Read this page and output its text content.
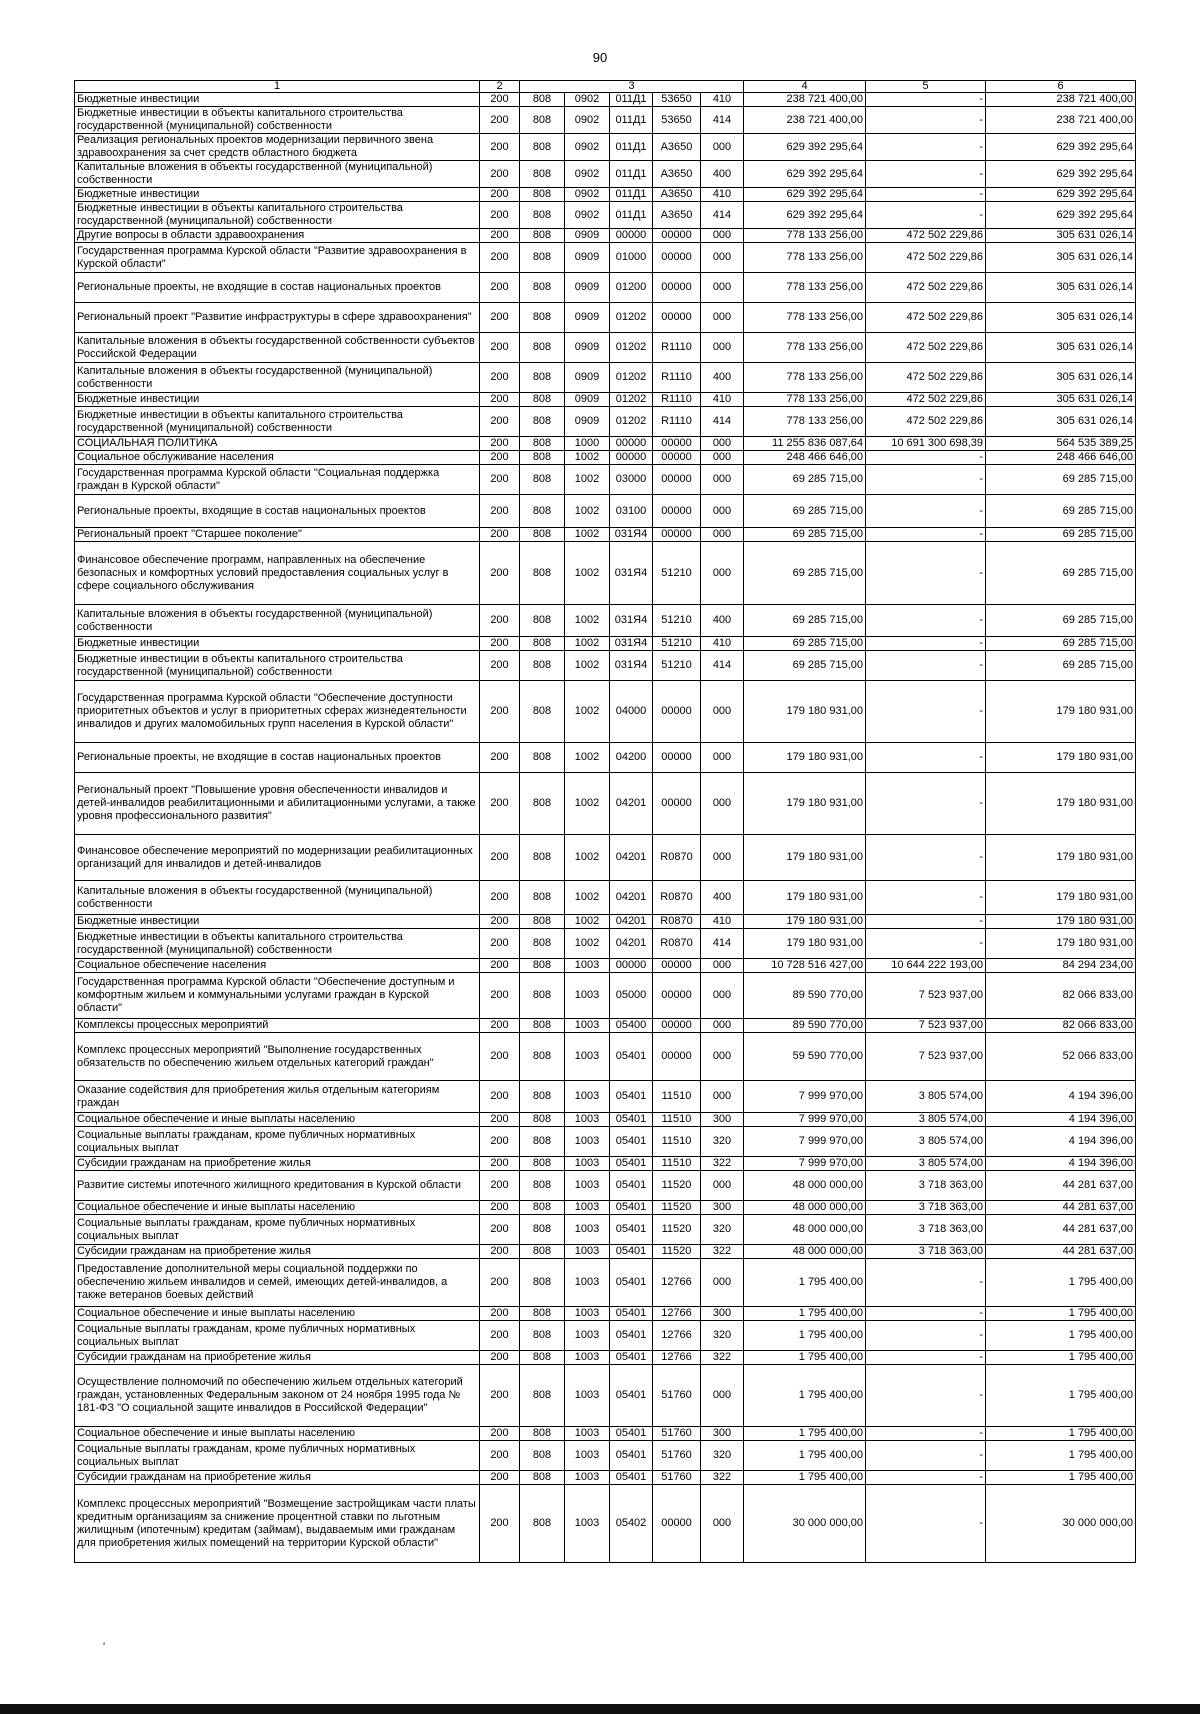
90
1	2	3					4	5	6
Бюджетные инвестиции	200	808	0902	011Д1	53650	410	238 721 400,00	-	238 721 400,00
Бюджетные инвестиции в объекты капитального строительства государственной (муниципальной) собственности	200	808	0902	011Д1	53650	414	238 721 400,00	-	238 721 400,00
Реализация региональных проектов модернизации первичного звена здравоохранения за счет средств областного бюджета	200	808	0902	011Д1	А3650	000	629 392 295,64	-	629 392 295,64
Капитальные вложения в объекты государственной (муниципальной) собственности	200	808	0902	011Д1	А3650	400	629 392 295,64	-	629 392 295,64
Бюджетные инвестиции	200	808	0902	011Д1	А3650	410	629 392 295,64	-	629 392 295,64
Бюджетные инвестиции в объекты капитального строительства государственной (муниципальной) собственности	200	808	0902	011Д1	А3650	414	629 392 295,64	-	629 392 295,64
Другие вопросы в области здравоохранения	200	808	0909	00000	00000	000	778 133 256,00	472 502 229,86	305 631 026,14
Государственная программа Курской области "Развитие здравоохранения в Курской области"	200	808	0909	01000	00000	000	778 133 256,00	472 502 229,86	305 631 026,14
Региональные проекты, не входящие в состав национальных проектов	200	808	0909	01200	00000	000	778 133 256,00	472 502 229,86	305 631 026,14
Региональный проект "Развитие инфраструктуры в сфере здравоохранения"	200	808	0909	01202	00000	000	778 133 256,00	472 502 229,86	305 631 026,14
Капитальные вложения в объекты государственной собственности субъектов Российской Федерации	200	808	0909	01202	R1110	000	778 133 256,00	472 502 229,86	305 631 026,14
Капитальные вложения в объекты государственной (муниципальной) собственности	200	808	0909	01202	R1110	400	778 133 256,00	472 502 229,86	305 631 026,14
Бюджетные инвестиции	200	808	0909	01202	R1110	410	778 133 256,00	472 502 229,86	305 631 026,14
Бюджетные инвестиции в объекты капитального строительства государственной (муниципальной) собственности	200	808	0909	01202	R1110	414	778 133 256,00	472 502 229,86	305 631 026,14
СОЦИАЛЬНАЯ ПОЛИТИКА	200	808	1000	00000	00000	000	11 255 836 087,64	10 691 300 698,39	564 535 389,25
Социальное обслуживание населения	200	808	1002	00000	00000	000	248 466 646,00	-	248 466 646,00
Государственная программа Курской области "Социальная поддержка граждан в Курской области"	200	808	1002	03000	00000	000	69 285 715,00	-	69 285 715,00
Региональные проекты, входящие в состав национальных проектов	200	808	1002	03100	00000	000	69 285 715,00	-	69 285 715,00
Региональный проект "Старшее поколение"	200	808	1002	031Я4	00000	000	69 285 715,00	-	69 285 715,00
Финансовое обеспечение программ, направленных на обеспечение безопасных и комфортных условий предоставления социальных услуг в сфере социального обслуживания	200	808	1002	031Я4	51210	000	69 285 715,00	-	69 285 715,00
Капитальные вложения в объекты государственной (муниципальной) собственности	200	808	1002	031Я4	51210	400	69 285 715,00	-	69 285 715,00
Бюджетные инвестиции	200	808	1002	031Я4	51210	410	69 285 715,00	-	69 285 715,00
Бюджетные инвестиции в объекты капитального строительства государственной (муниципальной) собственности	200	808	1002	031Я4	51210	414	69 285 715,00	-	69 285 715,00
Государственная программа Курской области "Обеспечение доступности приоритетных объектов и услуг в приоритетных сферах жизнедеятельности инвалидов и других маломобильных групп населения в Курской области"	200	808	1002	04000	00000	000	179 180 931,00	-	179 180 931,00
Региональные проекты, не входящие в состав национальных проектов	200	808	1002	04200	00000	000	179 180 931,00	-	179 180 931,00
Региональный проект "Повышение уровня обеспеченности инвалидов и детей-инвалидов реабилитационными и абилитационными услугами, а также уровня профессионального развития"	200	808	1002	04201	00000	000	179 180 931,00	-	179 180 931,00
Финансовое обеспечение мероприятий по модернизации реабилитационных организаций для инвалидов и детей-инвалидов	200	808	1002	04201	R0870	000	179 180 931,00	-	179 180 931,00
Капитальные вложения в объекты государственной (муниципальной) собственности	200	808	1002	04201	R0870	400	179 180 931,00	-	179 180 931,00
Бюджетные инвестиции	200	808	1002	04201	R0870	410	179 180 931,00	-	179 180 931,00
Бюджетные инвестиции в объекты капитального строительства государственной (муниципальной) собственности	200	808	1002	04201	R0870	414	179 180 931,00	-	179 180 931,00
Социальное обеспечение населения	200	808	1003	00000	00000	000	10 728 516 427,00	10 644 222 193,00	84 294 234,00
Государственная программа Курской области "Обеспечение доступным и комфортным жильем и коммунальными услугами граждан в Курской области"	200	808	1003	05000	00000	000	89 590 770,00	7 523 937,00	82 066 833,00
Комплексы процессных мероприятий	200	808	1003	05400	00000	000	89 590 770,00	7 523 937,00	82 066 833,00
Комплекс процессных мероприятий "Выполнение государственных обязательств по обеспечению жильем отдельных категорий граждан"	200	808	1003	05401	00000	000	59 590 770,00	7 523 937,00	52 066 833,00
Оказание содействия для приобретения жилья отдельным категориям граждан	200	808	1003	05401	11510	000	7 999 970,00	3 805 574,00	4 194 396,00
Социальное обеспечение и иные выплаты населению	200	808	1003	05401	11510	300	7 999 970,00	3 805 574,00	4 194 396,00
Социальные выплаты гражданам, кроме публичных нормативных социальных выплат	200	808	1003	05401	11510	320	7 999 970,00	3 805 574,00	4 194 396,00
Субсидии гражданам на приобретение жилья	200	808	1003	05401	11510	322	7 999 970,00	3 805 574,00	4 194 396,00
Развитие системы ипотечного жилищного кредитования в Курской области	200	808	1003	05401	11520	000	48 000 000,00	3 718 363,00	44 281 637,00
Социальное обеспечение и иные выплаты населению	200	808	1003	05401	11520	300	48 000 000,00	3 718 363,00	44 281 637,00
Социальные выплаты гражданам, кроме публичных нормативных социальных выплат	200	808	1003	05401	11520	320	48 000 000,00	3 718 363,00	44 281 637,00
Субсидии гражданам на приобретение жилья	200	808	1003	05401	11520	322	48 000 000,00	3 718 363,00	44 281 637,00
Предоставление дополнительной меры социальной поддержки по обеспечению жильем инвалидов и семей, имеющих детей-инвалидов, а также ветеранов боевых действий	200	808	1003	05401	12766	000	1 795 400,00	-	1 795 400,00
Социальное обеспечение и иные выплаты населению	200	808	1003	05401	12766	300	1 795 400,00	-	1 795 400,00
Социальные выплаты гражданам, кроме публичных нормативных социальных выплат	200	808	1003	05401	12766	320	1 795 400,00	-	1 795 400,00
Субсидии гражданам на приобретение жилья	200	808	1003	05401	12766	322	1 795 400,00	-	1 795 400,00
Осуществление полномочий по обеспечению жильем отдельных категорий граждан, установленных Федеральным законом от 24 ноября 1995 года № 181-ФЗ "О социальной защите инвалидов в Российской Федерации"	200	808	1003	05401	51760	000	1 795 400,00	-	1 795 400,00
Социальное обеспечение и иные выплаты населению	200	808	1003	05401	51760	300	1 795 400,00	-	1 795 400,00
Социальные выплаты гражданам, кроме публичных нормативных социальных выплат	200	808	1003	05401	51760	320	1 795 400,00	-	1 795 400,00
Субсидии гражданам на приобретение жилья	200	808	1003	05401	51760	322	1 795 400,00	-	1 795 400,00
Комплекс процессных мероприятий "Возмещение застройщикам части платы кредитным организациям за снижение процентной ставки по льготным жилищным (ипотечным) кредитам (займам), выдаваемым ими гражданам для приобретения жилых помещений на территории Курской области"	200	808	1003	05402	00000	000	30 000 000,00	-	30 000 000,00
'
